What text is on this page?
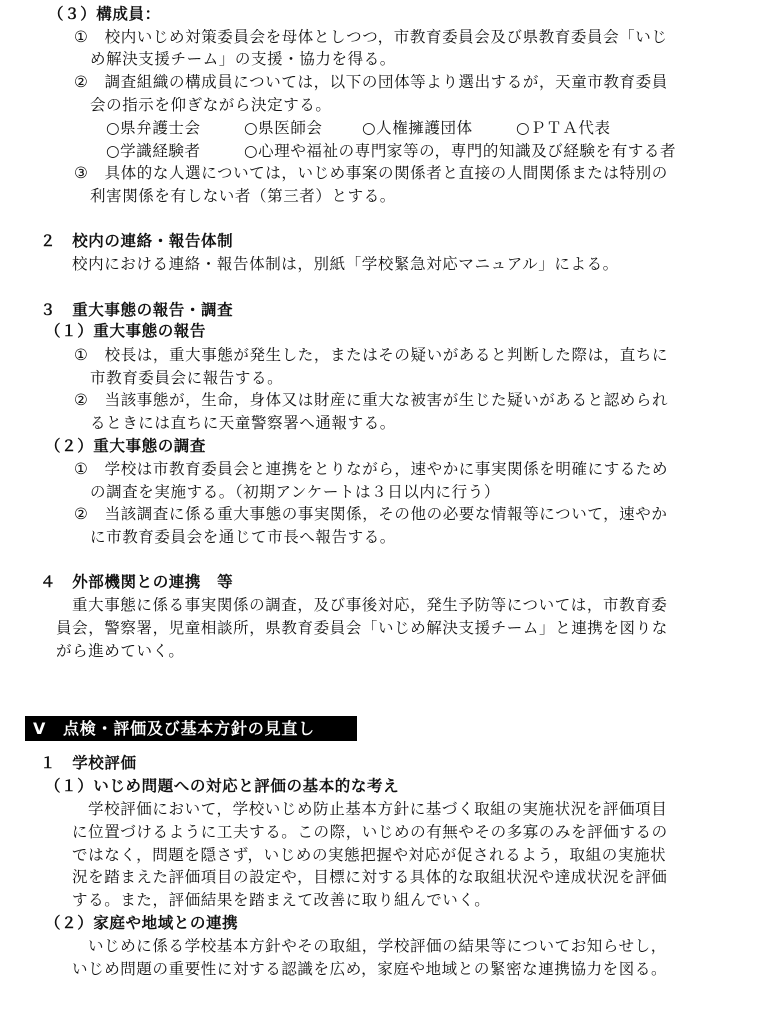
（３）構成員：
①　校内いじめ対策委員会を母体としつつ，市教育委員会及び県教育委員会「いじ
め解決支援チーム」の支援・協力を得る。
②　調査組織の構成員については，以下の団体等より選出するが，天童市教育委員
会の指示を仰ぎながら決定する。
○県弁護士会	○県医師会	○人権擁護団体	○ＰＴＡ代表
○学識経験者	○心理や福祉の専門家等の，専門的知識及び経験を有する者
③　具体的な人選については，いじめ事案の関係者と直接の人間関係または特別の
利害関係を有しない者（第三者）とする。
２　校内の連絡・報告体制
校内における連絡・報告体制は，別紙「学校緊急対応マニュアル」による。
３　重大事態の報告・調査
（１）重大事態の報告
①　校長は，重大事態が発生した，またはその疑いがあると判断した際は，直ちに
市教育委員会に報告する。
②　当該事態が，生命，身体又は財産に重大な被害が生じた疑いがあると認められ
るときには直ちに天童警察署へ通報する。
（２）重大事態の調査
①　学校は市教育委員会と連携をとりながら，速やかに事実関係を明確にするため
の調査を実施する。（初期アンケートは３日以内に行う）
②　当該調査に係る重大事態の事実関係，その他の必要な情報等について，速やか
に市教育委員会を通じて市長へ報告する。
４　外部機関との連携　等
重大事態に係る事実関係の調査，及び事後対応，発生予防等については，市教育委
員会，警察署，児童相談所，県教育委員会「いじめ解決支援チーム」と連携を図りな
がら進めていく。
Ⅴ　点検・評価及び基本方針の見直し
１　学校評価
（１）いじめ問題への対応と評価の基本的な考え
学校評価において，学校いじめ防止基本方針に基づく取組の実施状況を評価項目
に位置づけるように工夫する。この際，いじめの有無やその多寡のみを評価するの
ではなく，問題を隠さず，いじめの実態把握や対応が促されるよう，取組の実施状
況を踏まえた評価項目の設定や，目標に対する具体的な取組状況や達成状況を評価
する。また，評価結果を踏まえて改善に取り組んでいく。
（２）家庭や地域との連携
いじめに係る学校基本方針やその取組，学校評価の結果等についてお知らせし，
いじめ問題の重要性に対する認識を広め，家庭や地域との緊密な連携協力を図る。
